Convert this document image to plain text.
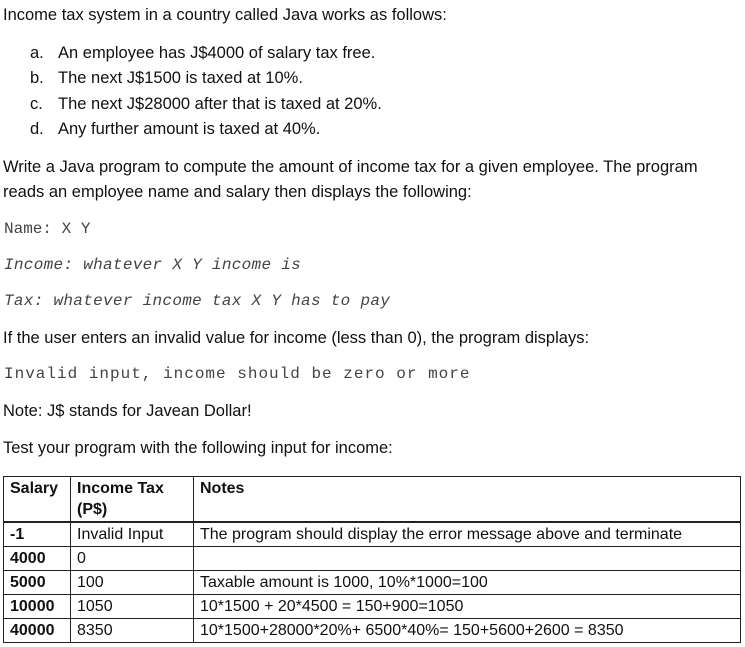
Income tax system in a country called Java works as follows:
a. An employee has J$4000 of salary tax free.
b. The next J$1500 is taxed at 10%.
c. The next J$28000 after that is taxed at 20%.
d. Any further amount is taxed at 40%.
Write a Java program to compute the amount of income tax for a given employee. The program reads an employee name and salary then displays the following:
Name: X Y
Income: whatever X Y income is
Tax: whatever income tax X Y has to pay
If the user enters an invalid value for income (less than 0), the program displays:
Invalid input, income should be zero or more
Note: J$ stands for Javean Dollar!
Test your program with the following input for income:
Salary	Income Tax (P$)	Notes
-1	Invalid Input	The program should display the error message above and terminate
4000	0	
5000	100	Taxable amount is 1000, 10%*1000=100
10000	1050	10*1500 + 20*4500 = 150+900=1050
40000	8350	10*1500+28000*20%+ 6500*40%= 150+5600+2600 = 8350
